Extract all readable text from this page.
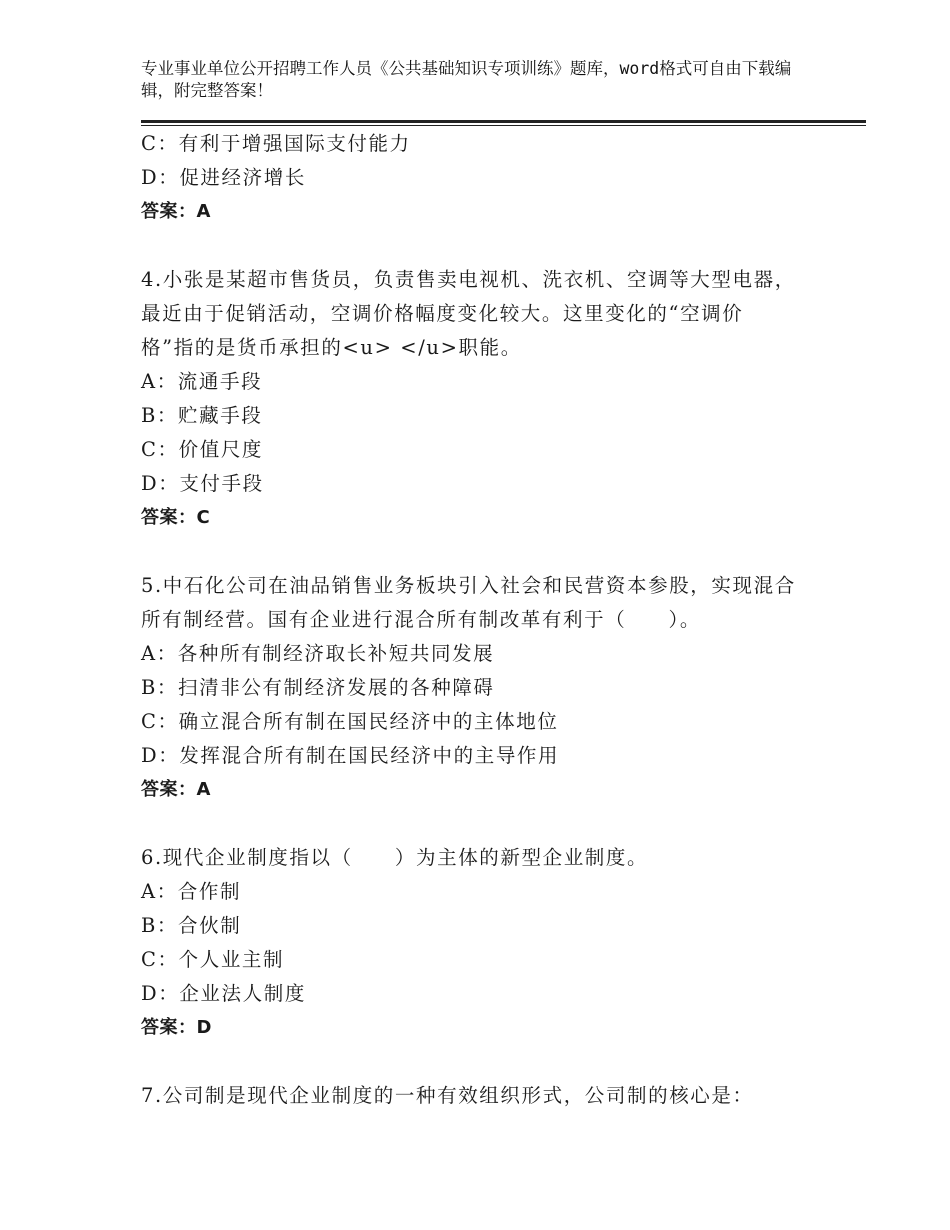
专业事业单位公开招聘工作人员《公共基础知识专项训练》题库，word格式可自由下载编辑，附完整答案！
C：有利于增强国际支付能力
D：促进经济增长
答案：A
4.小张是某超市售货员，负责售卖电视机、洗衣机、空调等大型电器，最近由于促销活动，空调价格幅度变化较大。这里变化的“空调价格”指的是货币承担的<u> </u>职能。
A：流通手段
B：贮藏手段
C：价值尺度
D：支付手段
答案：C
5.中石化公司在油品销售业务板块引入社会和民营资本参股，实现混合所有制经营。国有企业进行混合所有制改革有利于（　　）。
A：各种所有制经济取长补短共同发展
B：扫清非公有制经济发展的各种障碍
C：确立混合所有制在国民经济中的主体地位
D：发挥混合所有制在国民经济中的主导作用
答案：A
6.现代企业制度指以（　　）为主体的新型企业制度。
A：合作制
B：合伙制
C：个人业主制
D：企业法人制度
答案：D
7.公司制是现代企业制度的一种有效组织形式，公司制的核心是：
